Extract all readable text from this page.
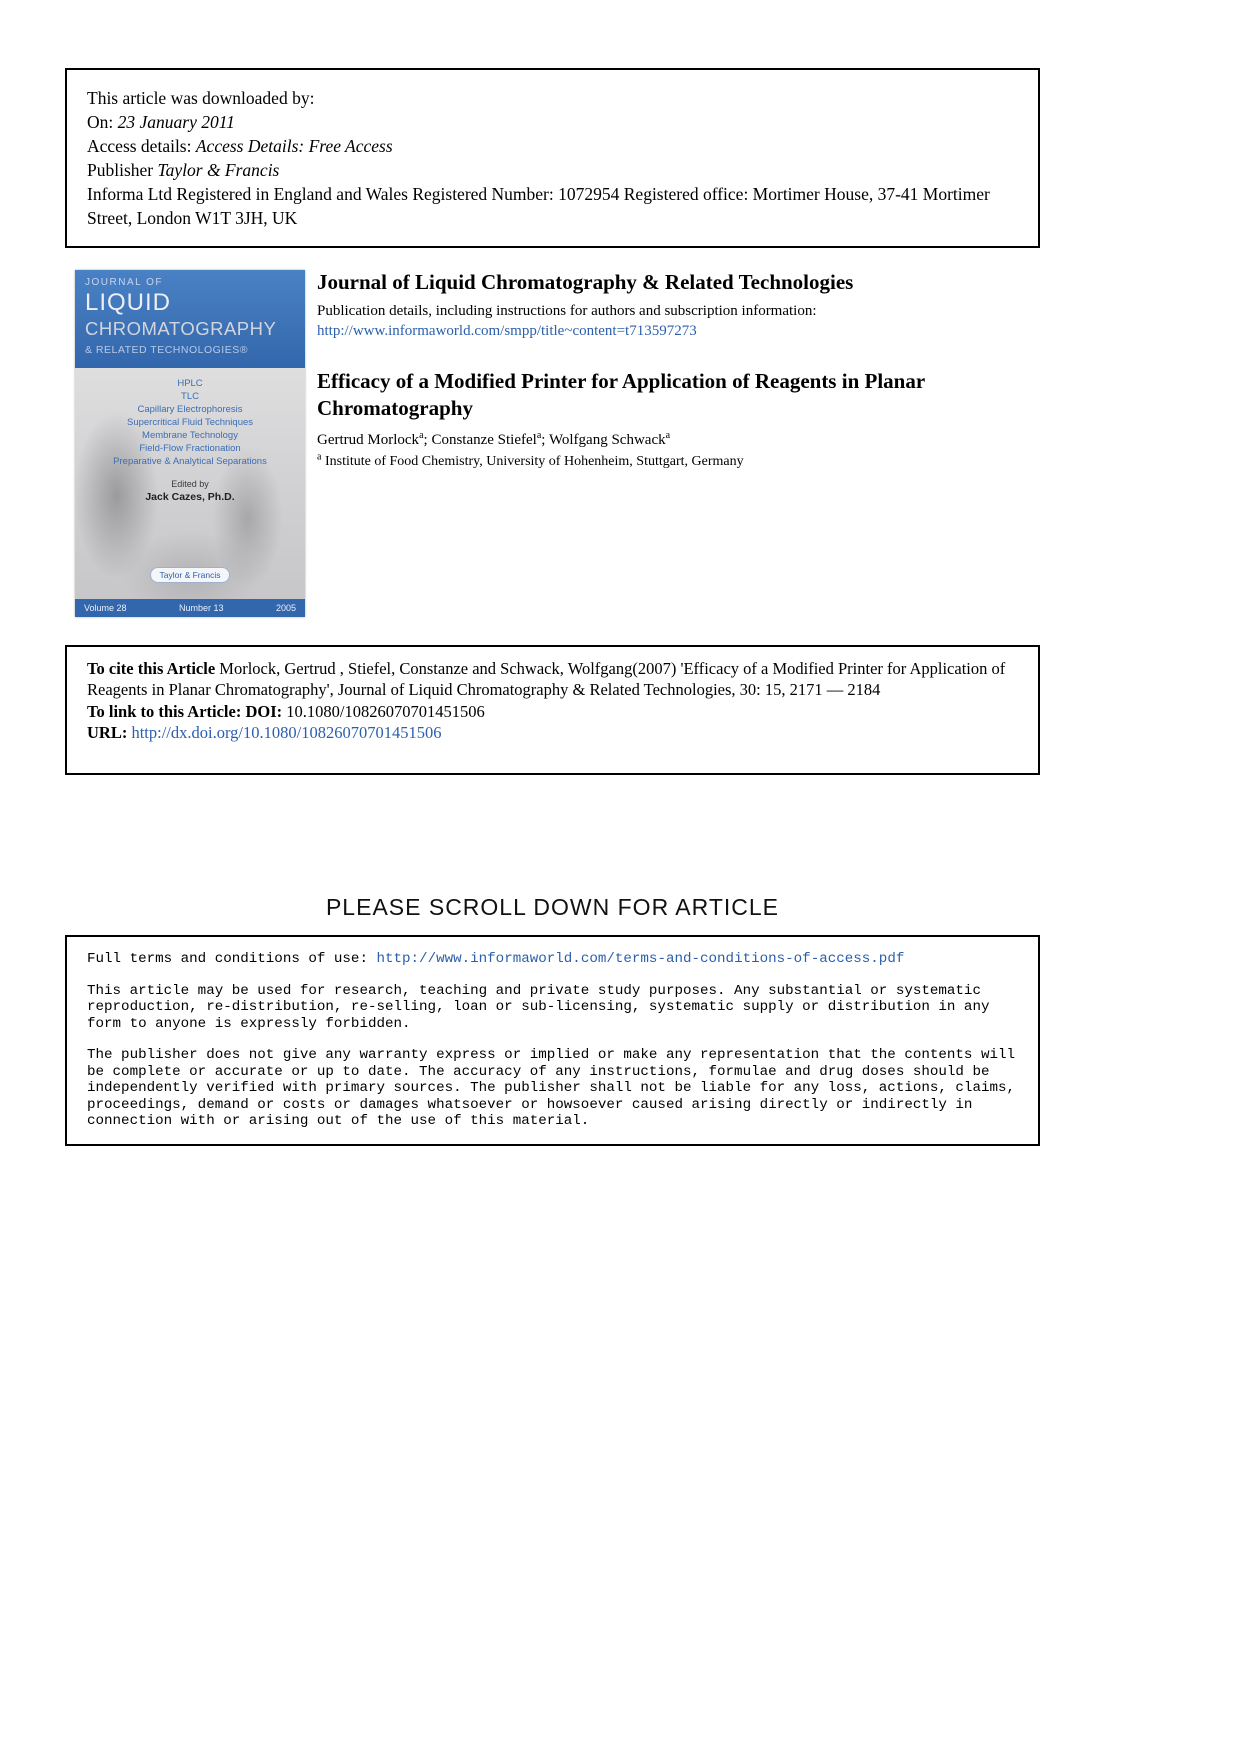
This article was downloaded by:
On: 23 January 2011
Access details: Access Details: Free Access
Publisher Taylor & Francis
Informa Ltd Registered in England and Wales Registered Number: 1072954 Registered office: Mortimer House, 37-41 Mortimer Street, London W1T 3JH, UK
JOURNAL OF
LIQUID
CHROMATOGRAPHY
& RELATED TECHNOLOGIES®
HPLC
TLC
Capillary Electrophoresis
Supercritical Fluid Techniques
Membrane Technology
Field-Flow Fractionation
Preparative & Analytical Separations
Edited by
Jack Cazes, Ph.D.
Taylor & Francis
Volume 28	Number 13	2005
Journal of Liquid Chromatography & Related Technologies
Publication details, including instructions for authors and subscription information:
http://www.informaworld.com/smpp/title~content=t713597273
Efficacy of a Modified Printer for Application of Reagents in Planar Chromatography
Gertrud Morlock$^a$; Constanze Stiefel$^a$; Wolfgang Schwack$^a$
$^a$ Institute of Food Chemistry, University of Hohenheim, Stuttgart, Germany

To cite this Article Morlock, Gertrud , Stiefel, Constanze and Schwack, Wolfgang(2007) 'Efficacy of a Modified Printer for Application of Reagents in Planar Chromatography', Journal of Liquid Chromatography & Related Technologies, 30: 15, 2171 — 2184

To link to this Article: DOI: 10.1080/10826070701451506

URL: http://dx.doi.org/10.1080/10826070701451506

PLEASE SCROLL DOWN FOR ARTICLE

Full terms and conditions of use: http://www.informaworld.com/terms-and-conditions-of-access.pdf

This article may be used for research, teaching and private study purposes. Any substantial or systematic reproduction, re-distribution, re-selling, loan or sub-licensing, systematic supply or distribution in any form to anyone is expressly forbidden.

The publisher does not give any warranty express or implied or make any representation that the contents will be complete or accurate or up to date. The accuracy of any instructions, formulae and drug doses should be independently verified with primary sources. The publisher shall not be liable for any loss, actions, claims, proceedings, demand or costs or damages whatsoever or howsoever caused arising directly or indirectly in connection with or arising out of the use of this material.
